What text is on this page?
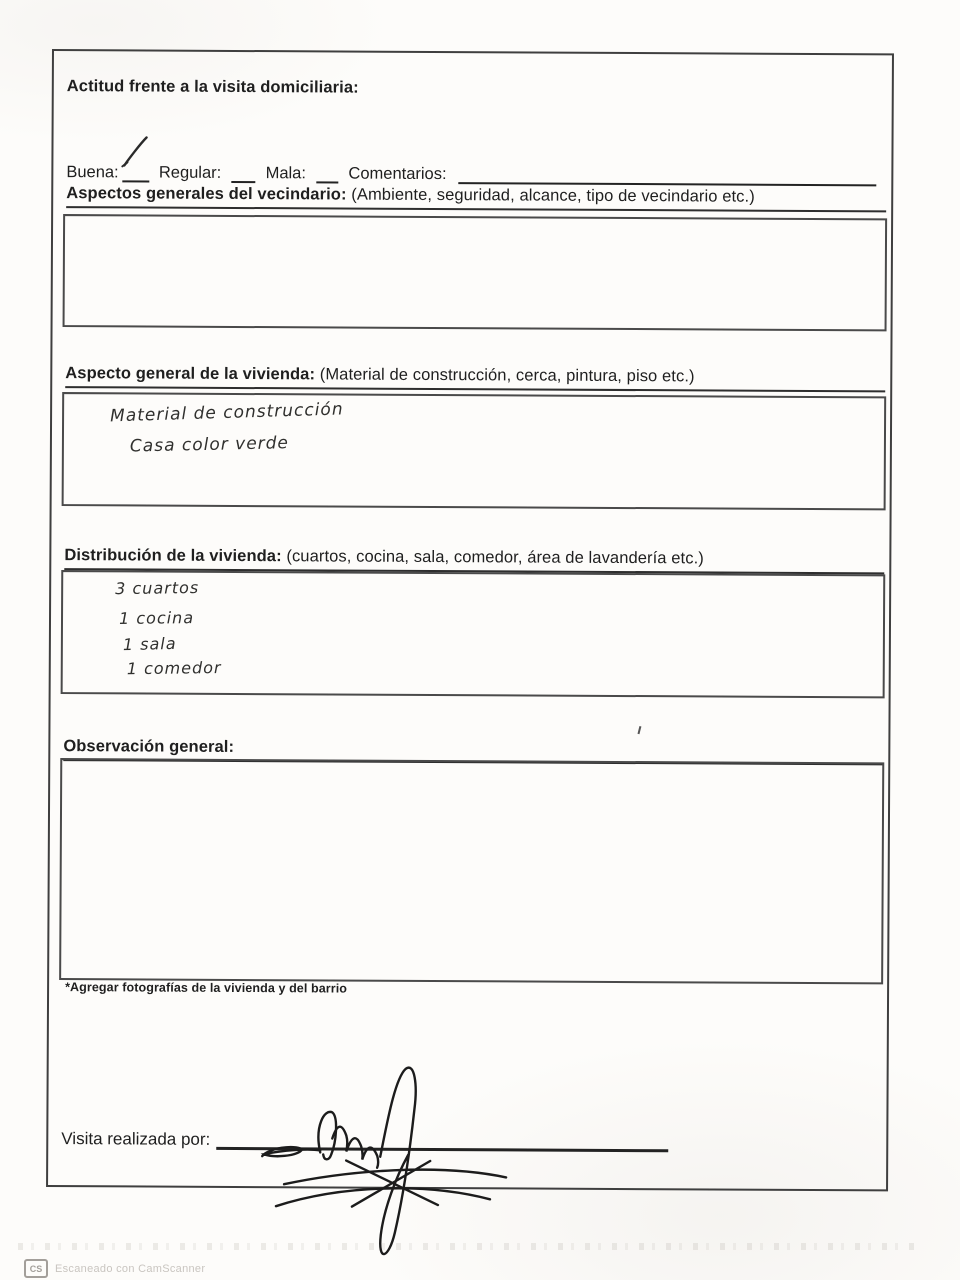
Actitud frente a la visita domiciliaria:
Buena: Regular:	Mala:	Comentarios:
Aspectos generales del vecindario: (Ambiente, seguridad, alcance, tipo de vecindario etc.)
Aspecto general de la vivienda: (Material de construcción, cerca, pintura, piso etc.)
Material de construcción
Casa color verde
Distribución de la vivienda: (cuartos, cocina, sala, comedor, área de lavandería etc.)
3 cuartos
1 cocina
1 sala
1 comedor
Observación general:
*Agregar fotografías de la vivienda y del barrio
Visita realizada por:
CS	Escaneado con CamScanner
